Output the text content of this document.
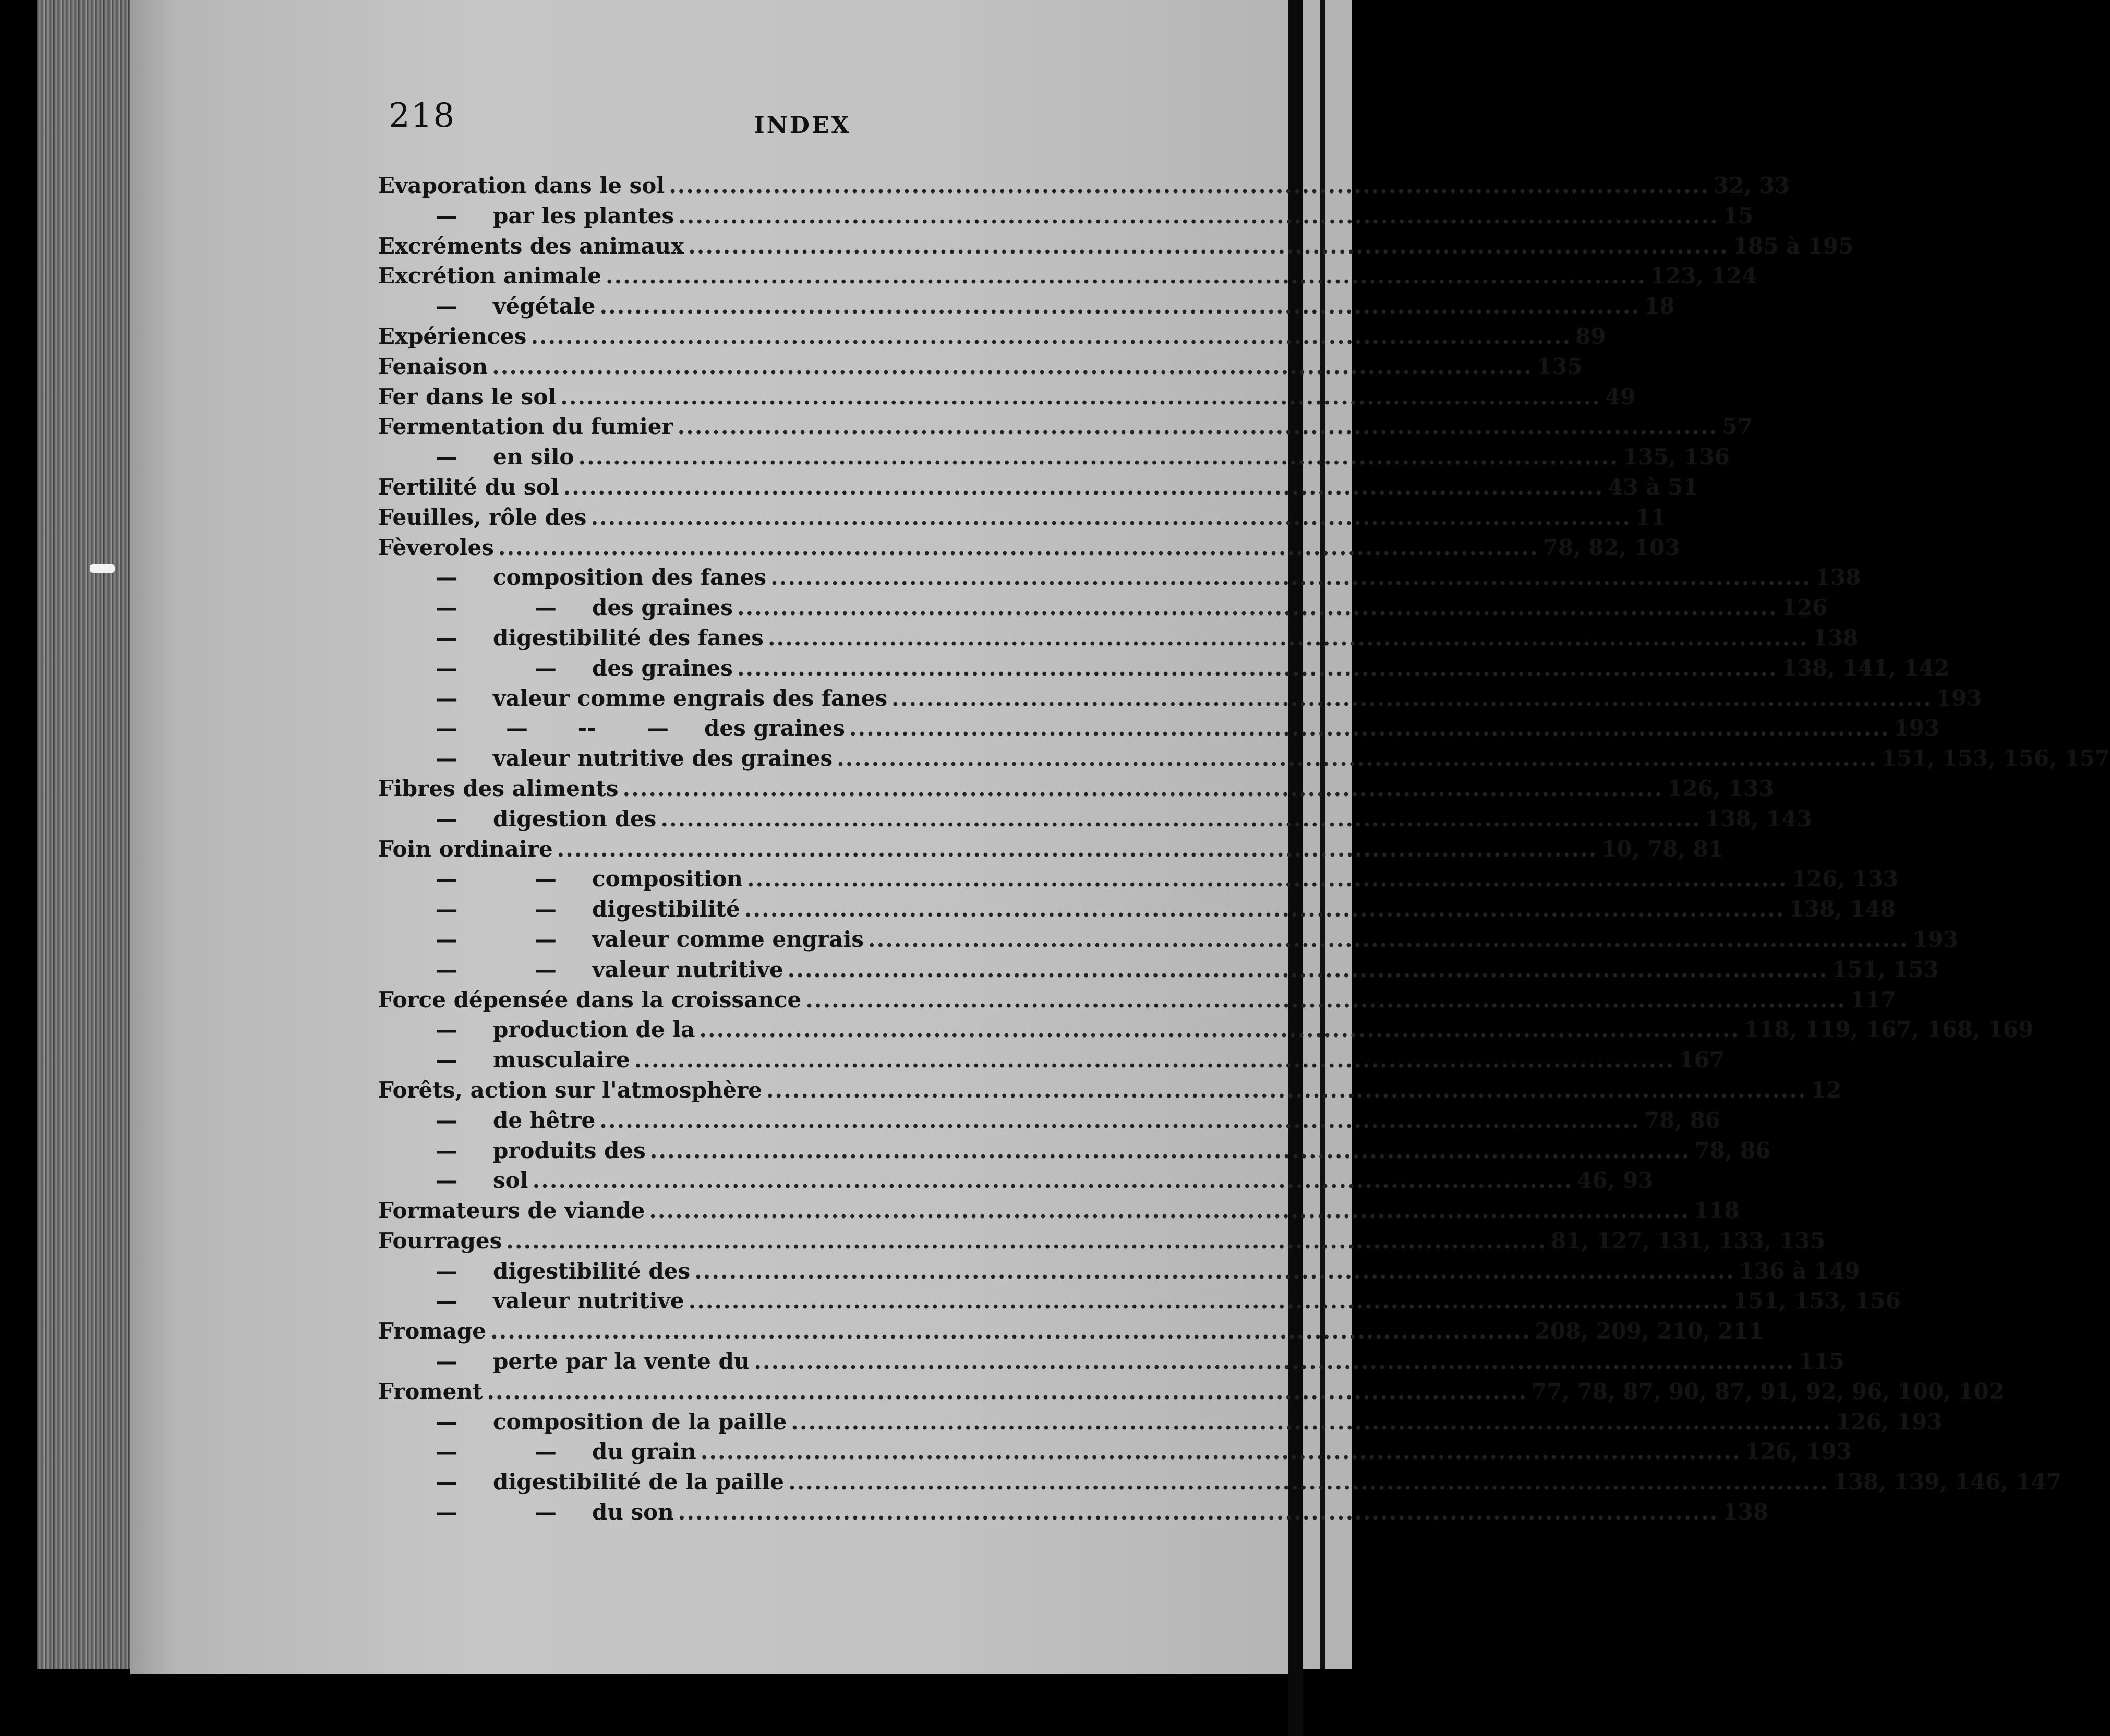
218	INDEX
Evaporation dans le sol ........................................................................................................................ 32, 33
— par les plantes ........................................................................................................................ 15
Excréments des animaux ........................................................................................................................ 185 à 195
Excrétion animale ........................................................................................................................ 123, 124
— végétale ........................................................................................................................ 18
Expériences ........................................................................................................................ 89
Fenaison ........................................................................................................................ 135
Fer dans le sol ........................................................................................................................ 49
Fermentation du fumier ........................................................................................................................ 57
— en silo ........................................................................................................................ 135, 136
Fertilité du sol ........................................................................................................................ 43 à 51
Feuilles, rôle des ........................................................................................................................ 11
Fèveroles ........................................................................................................................ 78, 82, 103
— composition des fanes ........................................................................................................................ 138
—	— des graines ........................................................................................................................ 126
— digestibilité des fanes ........................................................................................................................ 138
—	— des graines ........................................................................................................................ 138, 141, 142
— valeur comme engrais des fanes ........................................................................................................................ 193
— — -- — des graines ........................................................................................................................ 193
— valeur nutritive des graines ........................................................................................................................ 151, 153, 156, 157
Fibres des aliments ........................................................................................................................ 126, 133
— digestion des ........................................................................................................................ 138, 143
Foin ordinaire ........................................................................................................................ 10, 78, 81
—	— composition ........................................................................................................................ 126, 133
—	— digestibilité ........................................................................................................................ 138, 148
—	— valeur comme engrais ........................................................................................................................ 193
—	— valeur nutritive ........................................................................................................................ 151, 153
Force dépensée dans la croissance ........................................................................................................................ 117
— production de la ........................................................................................................................ 118, 119, 167, 168, 169
— musculaire ........................................................................................................................ 167
Forêts, action sur l'atmosphère ........................................................................................................................ 12
— de hêtre ........................................................................................................................ 78, 86
— produits des ........................................................................................................................ 78, 86
— sol ........................................................................................................................ 46, 93
Formateurs de viande ........................................................................................................................ 118
Fourrages ........................................................................................................................ 81, 127, 131, 133, 135
— digestibilité des ........................................................................................................................ 136 à 149
— valeur nutritive ........................................................................................................................ 151, 153, 156
Fromage ........................................................................................................................ 208, 209, 210, 211
— perte par la vente du ........................................................................................................................ 115
Froment ........................................................................................................................ 77, 78, 87, 90, 87, 91, 92, 96, 100, 102
— composition de la paille ........................................................................................................................ 126, 193
—	— du grain ........................................................................................................................ 126, 193
— digestibilité de la paille ........................................................................................................................ 138, 139, 146, 147
—	— du son ........................................................................................................................ 138
